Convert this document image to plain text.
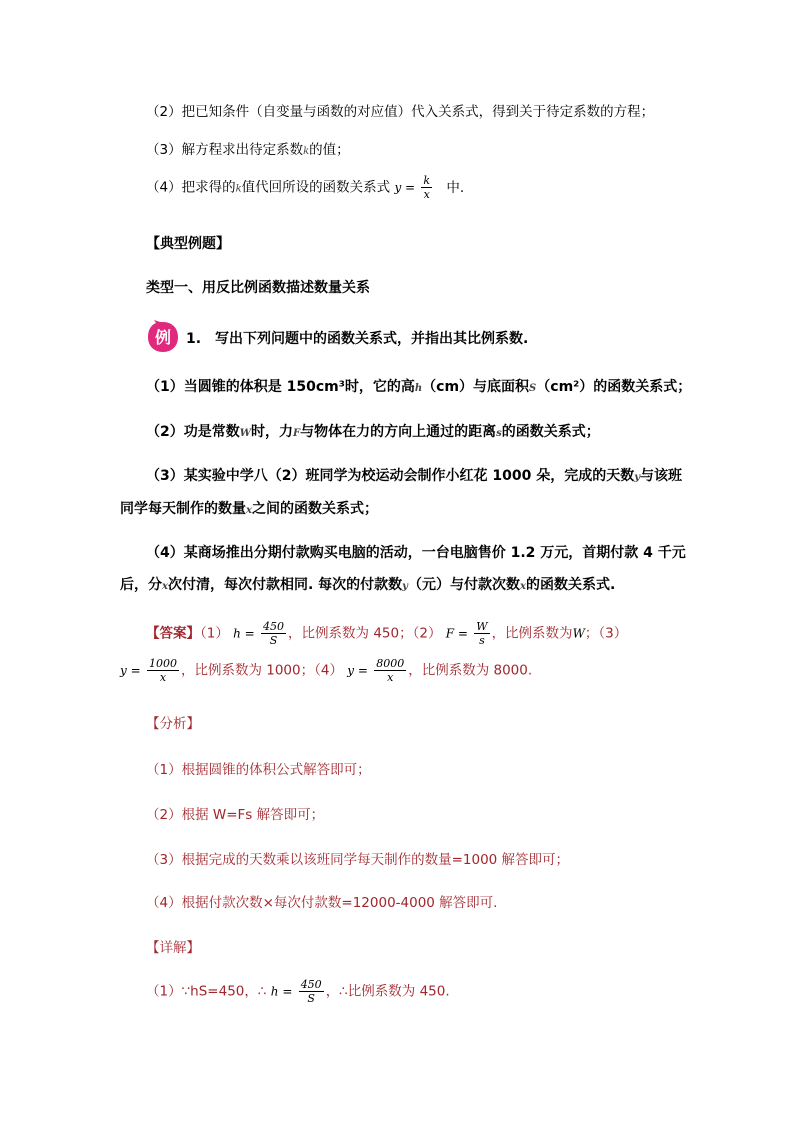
（2）把已知条件（自变量与函数的对应值）代入关系式，得到关于待定系数的方程；
（3）解方程求出待定系数k的值；
（4）把求得的k值代回所设的函数关系式 $y = \frac{k}{x}$ 中.
【典型例题】
类型一、用反比例函数描述数量关系
例 1.　写出下列问题中的函数关系式，并指出其比例系数.
（1）当圆锥的体积是 150cm³时，它的高h（cm）与底面积S（cm²）的函数关系式；
（2）功是常数W时，力F与物体在力的方向上通过的距离s的函数关系式；
（3）某实验中学八（2）班同学为校运动会制作小红花 1000 朵，完成的天数y与该班
同学每天制作的数量x之间的函数关系式；
（4）某商场推出分期付款购买电脑的活动，一台电脑售价 1.2 万元，首期付款 4 千元
后，分x次付清，每次付款相同. 每次的付款数y（元）与付款次数x的函数关系式.
【答案】（1） $h = \frac{450}{S}$ ，比例系数为 450；（2） $F = \frac{W}{s}$ ，比例系数为W；（3）
$y = \frac{1000}{x}$ ，比例系数为 1000；（4） $y = \frac{8000}{x}$ ，比例系数为 8000.
【分析】
（1）根据圆锥的体积公式解答即可；
（2）根据 W=Fs 解答即可；
（3）根据完成的天数乘以该班同学每天制作的数量=1000 解答即可；
（4）根据付款次数×每次付款数=12000-4000 解答即可.
【详解】
（1）∵hS=450，∴ $h = \frac{450}{S}$ ，∴比例系数为 450.
